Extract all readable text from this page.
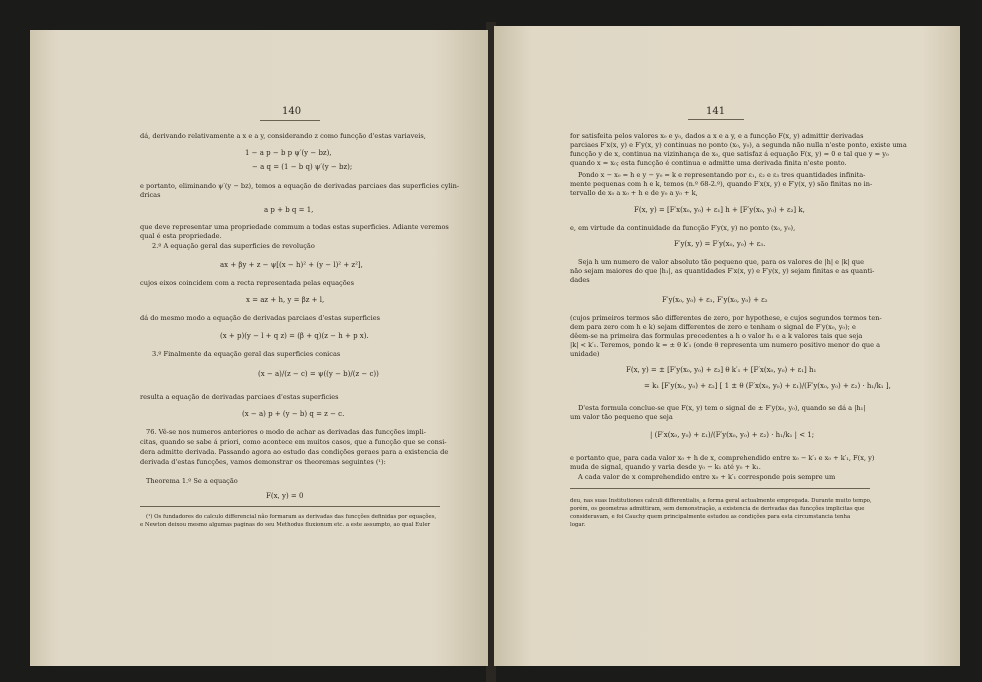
140
dá, derivando relativamente a x e a y, considerando z como funcção d'estas variaveis,
1 − a p − b p ψ′(y − bz),
− a q = (1 − b q) ψ′(y − bz);
e portanto, eliminando ψ′(y − bz), temos a equação de derivadas parciaes das superficies cylin-
dricas
a p + b q = 1,
que deve representar uma propriedade commum a todas estas superficies. Adiante veremos
qual é esta propriedade.
2.º A equação geral das superficies de revolução
ax + βy + z − ψ[(x − h)² + (y − l)² + z²],
cujos eixos coincidem com a recta representada pelas equações
x = az + h, y = βz + l,
dá do mesmo modo a equação de derivadas parciaes d'estas superficies
(x + p)(y − l + q z) = (β + q)(z − h + p x).
3.º Finalmente da equação geral das superficies conicas
(x − a)/(z − c) = ψ((y − b)/(z − c))
resulta a equação de derivadas parciaes d'estas superficies
(x − a) p + (y − b) q = z − c.
76. Vê-se nos numeros anteriores o modo de achar as derivadas das funcções impli-
citas, quando se sabe á priori, como acontece em muitos casos, que a funcção que se consi-
dera admitte derivada. Passando agora ao estudo das condições geraes para a existencia de
derivada d'estas funcções, vamos demonstrar os theoremas seguintes (¹):
Theorema 1.º Se a equação
F(x, y) = 0
(¹) Os fundadores do calculo differencial não formaram as derivadas das funcções definidas por equações,
e Newton deixou mesmo algumas paginas do seu Methodus fluxionum etc. a este assumpto, ao qual Euler
141
for satisfeita pelos valores x₀ e y₀, dados a x e a y, e a funcção F(x, y) admittir derivadas
parciaes F′x(x, y) e F′y(x, y) continuas no ponto (x₀, y₀), a segunda não nulla n'este ponto, existe uma
funcção y de x, continua na vizinhança de x₀, que satisfaz á equação F(x, y) = 0 e tal que y = y₀
quando x = x₀; esta funcção é continua e admitte uma derivada finita n'este ponto.
Pondo x − x₀ = h e y − y₀ = k e representando por ε₁, ε₂ e ε₃ tres quantidades infinita-
mente pequenas com h e k, temos (n.º 68-2.º), quando F′x(x, y) e F′y(x, y) são finitas no in-
tervallo de x₀ a x₀ + h e de y₀ a y₀ + k,
F(x, y) = [F′x(x₀, y₀) + ε₁] h + [F′y(x₀, y₀) + ε₂] k,
e, em virtude da continuidade da funcção F′y(x, y) no ponto (x₀, y₀),
F′y(x, y) = F′y(x₀, y₀) + ε₃.
Seja h um numero de valor absoluto tão pequeno que, para os valores de |h| e |k| que
não sejam maiores do que |h₁|, as quantidades F′x(x, y) e F′y(x, y) sejam finitas e as quanti-
dades
F′y(x₀, y₀) + ε₁, F′y(x₀, y₀) + ε₂
(cujos primeiros termos são differentes de zero, por hypothese, e cujos segundos termos ten-
dem para zero com h e k) sejam differentes de zero e tenham o signal de F′y(x₀, y₀); e
dêem-se na primeira das formulas precedentes a h o valor h₁ e a k valores tais que seja
|k| < k′₁. Teremos, pondo k = ± θ k′₁ (onde θ representa um numero positivo menor do que a
unidade)
F(x, y) = ± [F′y(x₀, y₀) + ε₂] θ k′₁ + [F′x(x₀, y₀) + ε₁] h₁
= k₁ [F′y(x₀, y₀) + ε₂] [ 1 ± θ (F′x(x₀, y₀) + ε₁)/(F′y(x₀, y₀) + ε₂) · h₁/k₁ ],
D'esta formula conclue-se que F(x, y) tem o signal de ± F′y(x₀, y₀), quando se dá a |h₁|
um valor tão pequeno que seja
| (F′x(x₀, y₀) + ε₁)/(F′y(x₀, y₀) + ε₂) · h₁/k₁ | < 1;
e portanto que, para cada valor x₀ + h de x, comprehendido entre x₀ − k′₁ e x₀ + k′₁, F(x, y)
muda de signal, quando y varia desde y₀ − k₁ até y₀ + k₁.
A cada valor de x comprehendido entre x₀ + k′₁ corresponde pois sempre um
deu, nas suas Institutiones calculi differentialis, a forma geral actualmente empregada. Durante muito tempo,
porém, os geometras admittiram, sem demonstração, a existencia de derivadas das funcções implicitas que
consideravam, e foi Cauchy quem principalmente estudou as condições para esta circumstancia tenha
logar.
